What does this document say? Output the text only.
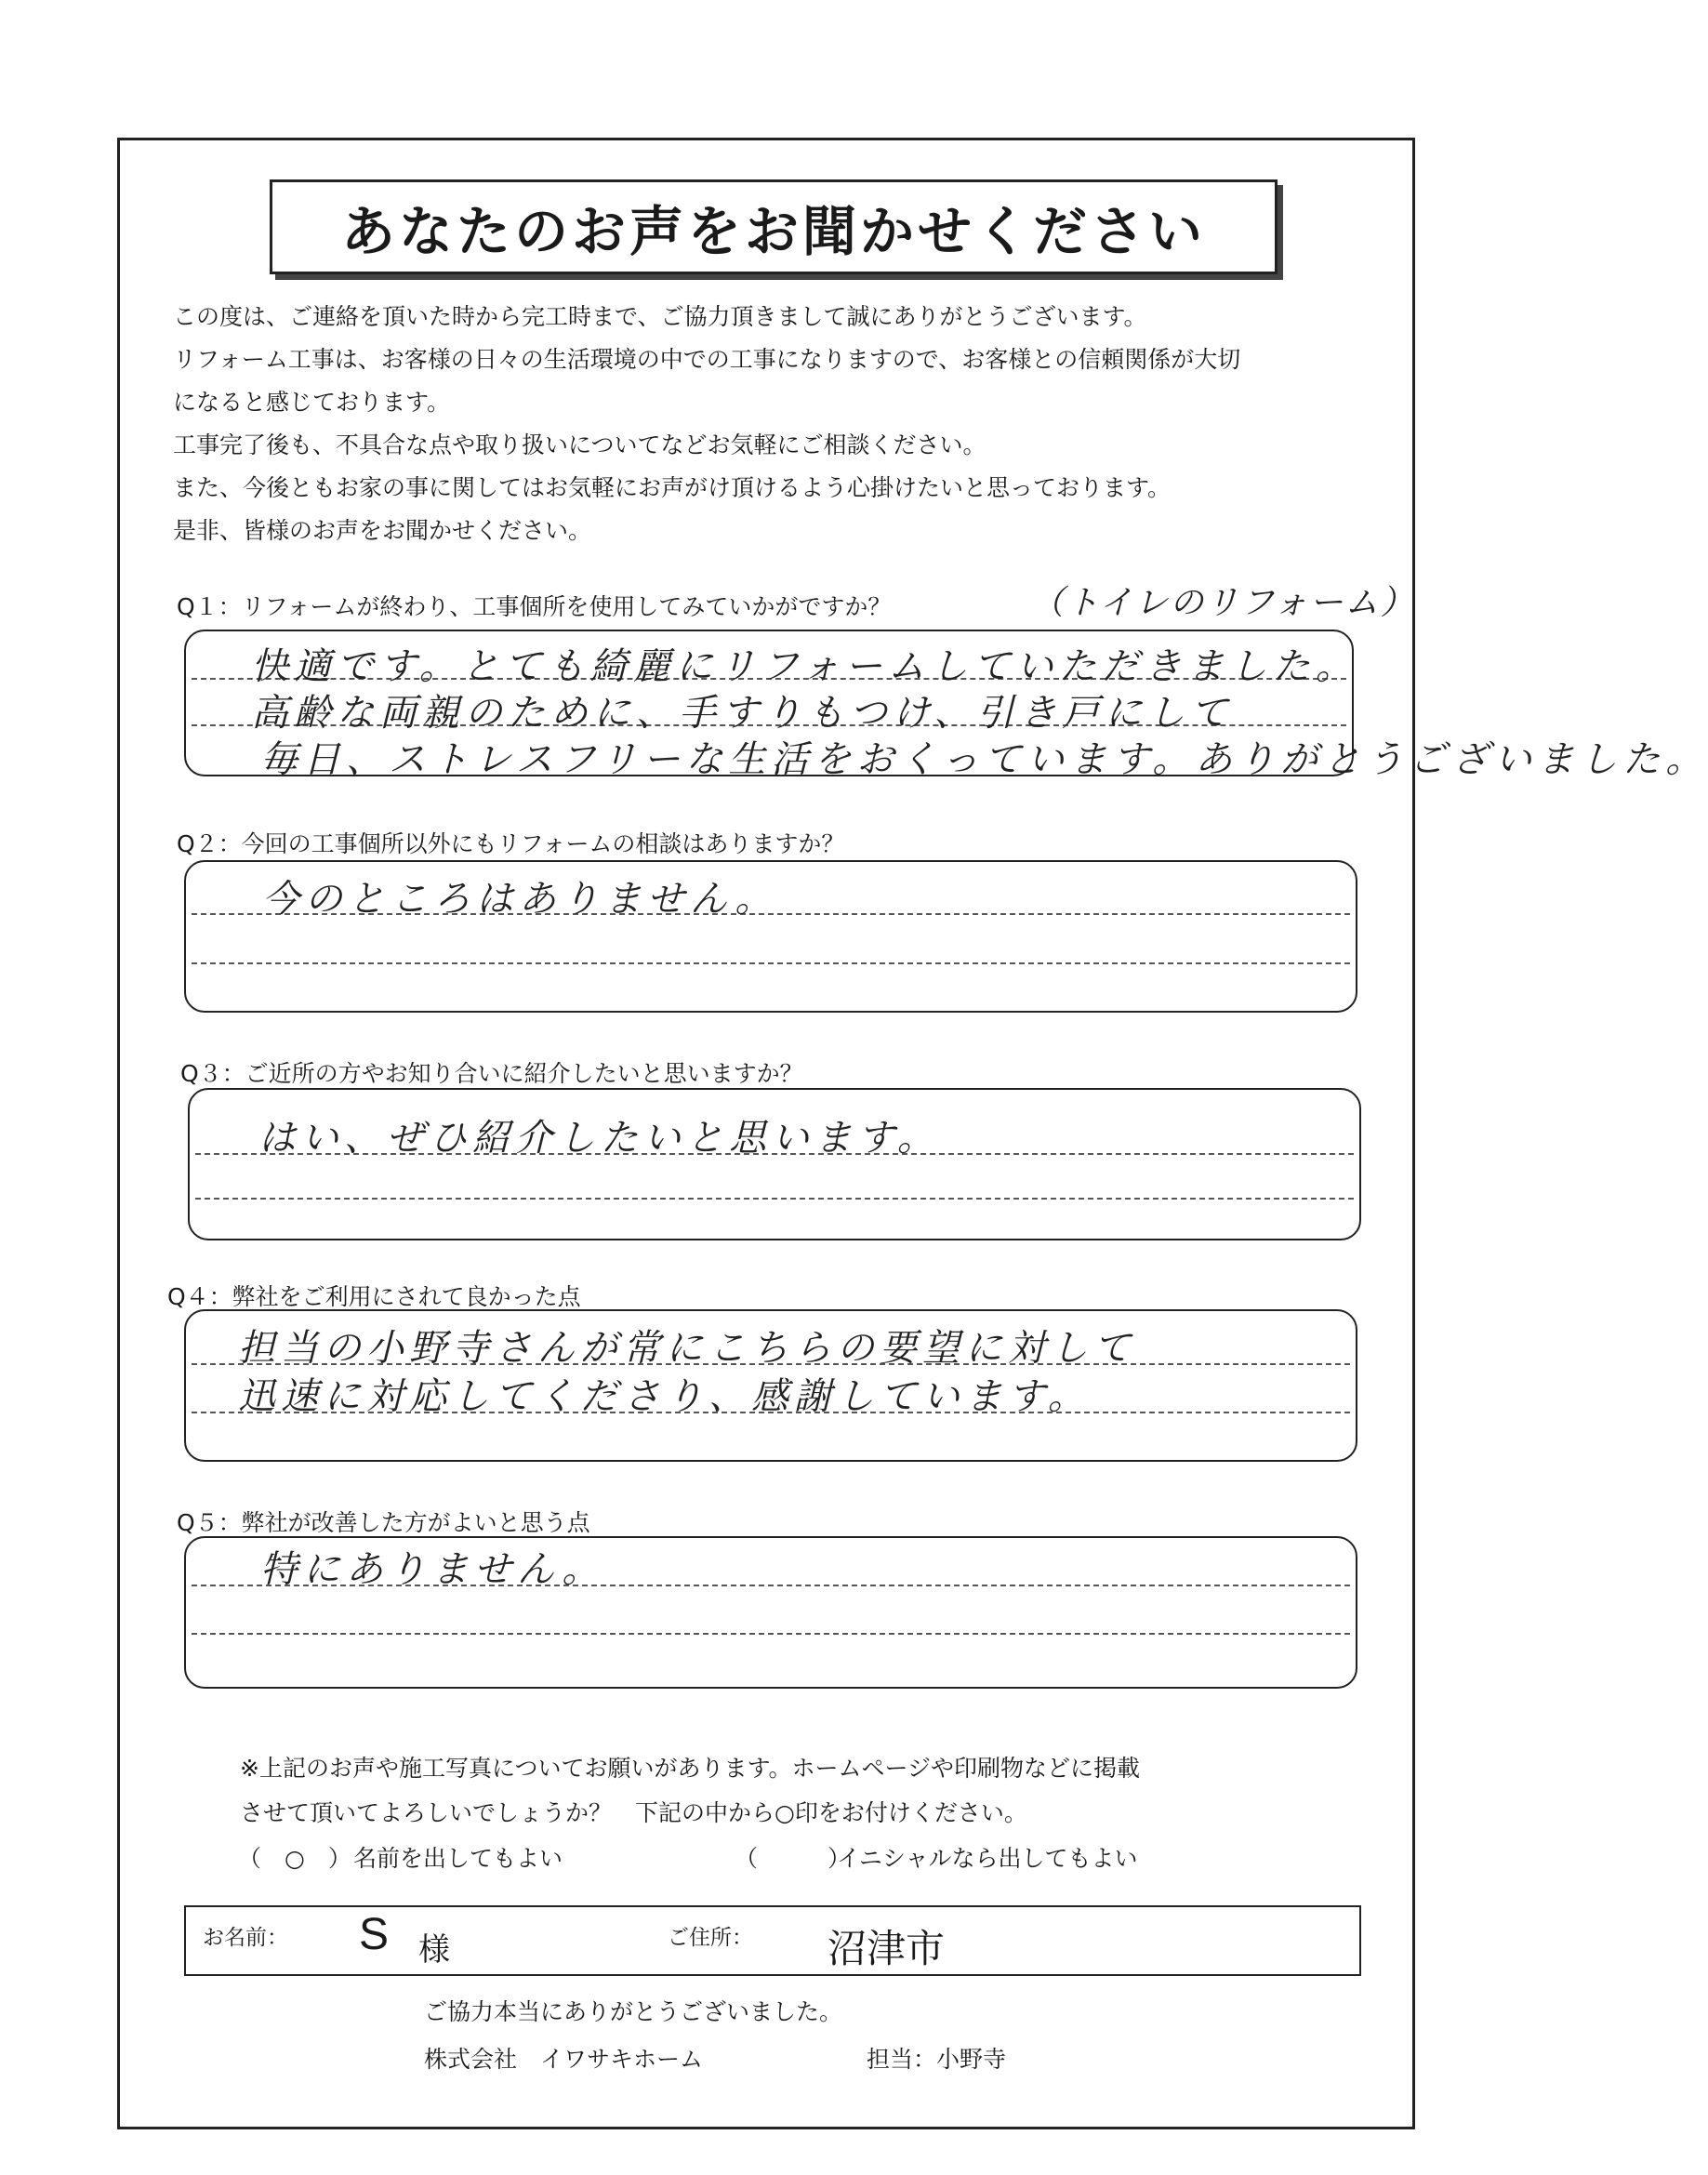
あなたのお声をお聞かせください

この度は、ご連絡を頂いた時から完工時まで、ご協力頂きまして誠にありがとうございます。

リフォーム工事は、お客様の日々の生活環境の中での工事になりますので、お客様との信頼関係が大切

になると感じております。

工事完了後も、不具合な点や取り扱いについてなどお気軽にご相談ください。

また、今後ともお家の事に関してはお気軽にお声がけ頂けるよう心掛けたいと思っております。

是非、皆様のお声をお聞かせください。

Q１：リフォームが終わり、工事個所を使用してみていかがですか？	（トイレのリフォーム）
快適です。とても綺麗にリフォームしていただきました。
高齢な両親のために、手すりもつけ、引き戸にして
毎日、ストレスフリーな生活をおくっています。ありがとうございました。
Q２：今回の工事個所以外にもリフォームの相談はありますか？
今のところはありません。
Q３：ご近所の方やお知り合いに紹介したいと思いますか？
はい、ぜひ紹介したいと思います。
Q４：弊社をご利用にされて良かった点
担当の小野寺さんが常にこちらの要望に対して
迅速に対応してくださり、感謝しています。
Q５：弊社が改善した方がよいと思う点
特にありません。
※上記のお声や施工写真についてお願いがあります。ホームページや印刷物などに掲載
させて頂いてよろしいでしょうか？　下記の中から○印をお付けください。
（　○　） 名前を出してもよい	（　　　）
イニシャルなら出してもよい
お名前： S 様	ご住所： 沼津市
ご協力本当にありがとうございました。
株式会社　イワサキホーム	担当：小野寺
